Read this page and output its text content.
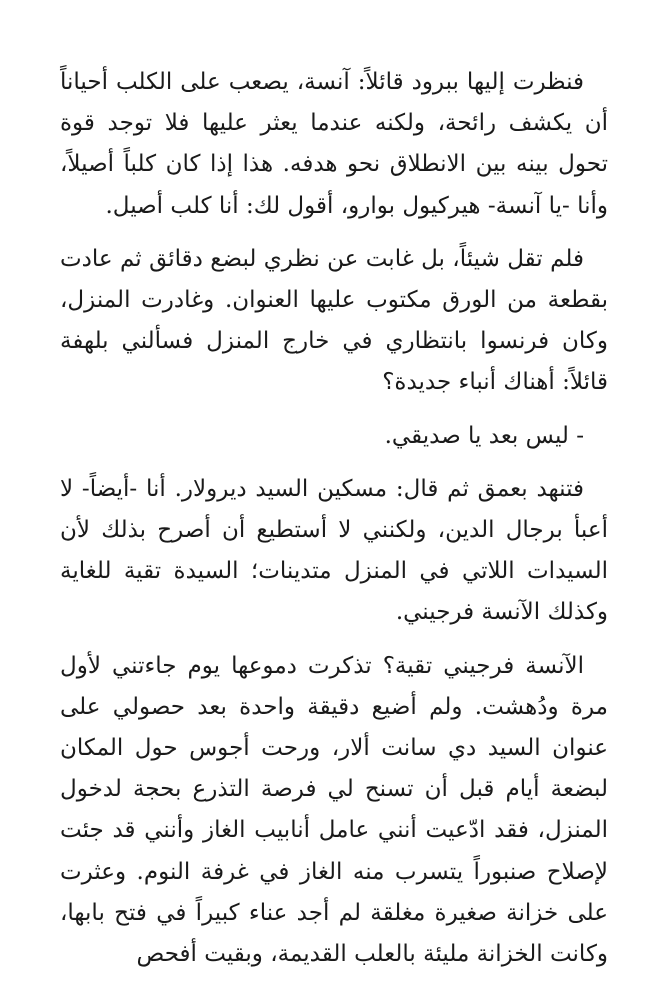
فنظرت إليها ببرود قائلاً: آنسة، يصعب على الكلب أحياناً أن يكشف رائحة، ولكنه عندما يعثر عليها فلا توجد قوة تحول بينه بين الانطلاق نحو هدفه. هذا إذا كان كلباً أصيلاً، وأنا -يا آنسة- هيركيول بوارو، أقول لك: أنا كلب أصيل.

فلم تقل شيئاً، بل غابت عن نظري لبضع دقائق ثم عادت بقطعة من الورق مكتوب عليها العنوان. وغادرت المنزل، وكان فرنسوا بانتظاري في خارج المنزل فسألني بلهفة قائلاً: أهناك أنباء جديدة؟

- ليس بعد يا صديقي.

فتنهد بعمق ثم قال: مسكين السيد ديرولار. أنا -أيضاً- لا أعبأ برجال الدين، ولكنني لا أستطيع أن أصرح بذلك لأن السيدات اللاتي في المنزل متدينات؛ السيدة تقية للغاية وكذلك الآنسة فرجيني.

الآنسة فرجيني تقية؟ تذكرت دموعها يوم جاءتني لأول مرة ودُهشت. ولم أضيع دقيقة واحدة بعد حصولي على عنوان السيد دي سانت ألار، ورحت أجوس حول المكان لبضعة أيام قبل أن تسنح لي فرصة التذرع بحجة لدخول المنزل، فقد ادّعيت أنني عامل أنابيب الغاز وأنني قد جئت لإصلاح صنبوراً يتسرب منه الغاز في غرفة النوم. وعثرت على خزانة صغيرة مغلقة لم أجد عناء كبيراً في فتح بابها، وكانت الخزانة مليئة بالعلب القديمة، وبقيت أفحص
